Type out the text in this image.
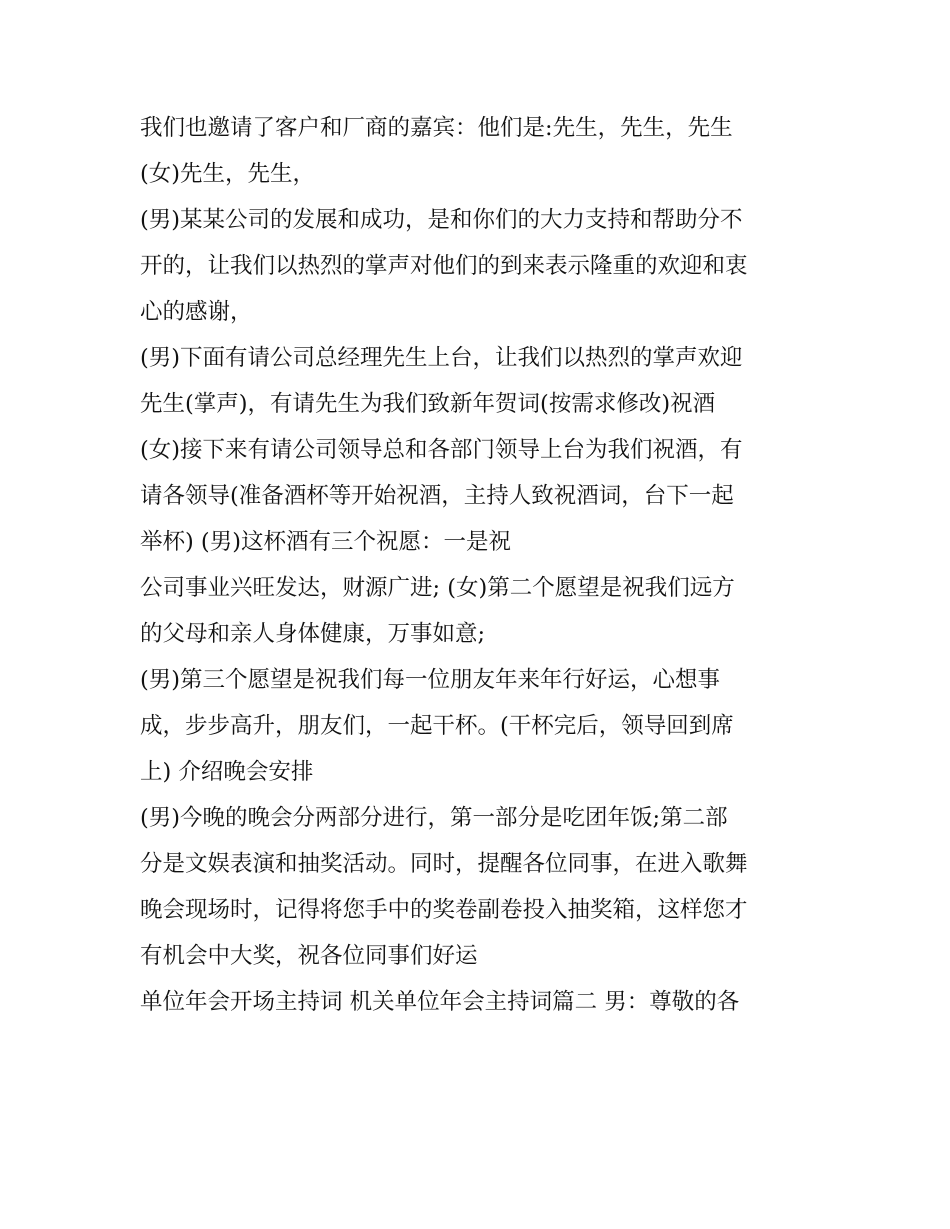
我们也邀请了客户和厂商的嘉宾：他们是:先生，先生，先生
(女)先生，先生，
(男)某某公司的发展和成功，是和你们的大力支持和帮助分不
开的，让我们以热烈的掌声对他们的到来表示隆重的欢迎和衷
心的感谢，
(男)下面有请公司总经理先生上台，让我们以热烈的掌声欢迎
先生(掌声)，有请先生为我们致新年贺词(按需求修改)祝酒
(女)接下来有请公司领导总和各部门领导上台为我们祝酒，有
请各领导(准备酒杯等开始祝酒，主持人致祝酒词，台下一起
举杯) (男)这杯酒有三个祝愿：一是祝
公司事业兴旺发达，财源广进; (女)第二个愿望是祝我们远方
的父母和亲人身体健康，万事如意;
(男)第三个愿望是祝我们每一位朋友年来年行好运，心想事
成，步步高升，朋友们，一起干杯。(干杯完后，领导回到席
上) 介绍晚会安排
(男)今晚的晚会分两部分进行，第一部分是吃团年饭;第二部
分是文娱表演和抽奖活动。同时，提醒各位同事，在进入歌舞
晚会现场时，记得将您手中的奖卷副卷投入抽奖箱，这样您才
有机会中大奖，祝各位同事们好运
单位年会开场主持词 机关单位年会主持词篇二 男：尊敬的各
